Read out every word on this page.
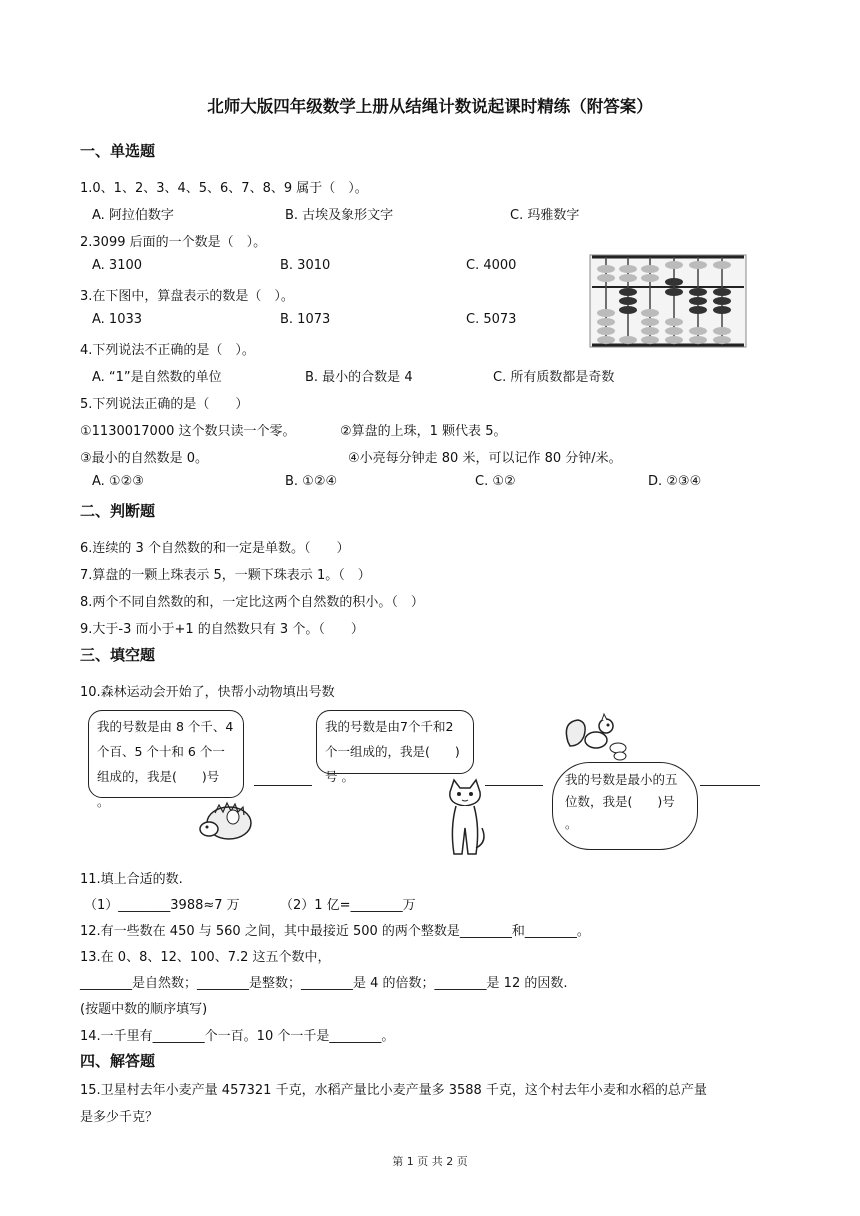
北师大版四年级数学上册从结绳计数说起课时精练（附答案）
一、单选题
1.0、1、2、3、4、5、6、7、8、9 属于（　）。
A. 阿拉伯数字	B. 古埃及象形文字	C. 玛雅数字
2.3099 后面的一个数是（　）。
A. 3100	B. 3010	C. 4000
3.在下图中，算盘表示的数是（　）。
A. 1033	B. 1073	C. 5073
4.下列说法不正确的是（　）。
A. “1”是自然数的单位	B. 最小的合数是 4	C. 所有质数都是奇数
5.下列说法正确的是（　　）
①1130017000 这个数只读一个零。	②算盘的上珠，1 颗代表 5。
③最小的自然数是 0。	④小亮每分钟走 80 米，可以记作 80 分钟/米。
A. ①②③	B. ①②④	C. ①②	D. ②③④
二、判断题
6.连续的 3 个自然数的和一定是单数。（　　）
7.算盘的一颗上珠表示 5，一颗下珠表示 1。（　）
8.两个不同自然数的和，一定比这两个自然数的积小。（　）
9.大于-3 而小于+1 的自然数只有 3 个。（　　）
三、填空题
10.森林运动会开始了，快帮小动物填出号数
我的号数是由 8 个千、4 个百、5 个十和 6 个一组成的，我是(　　)号 。
我的号数是由7个千和2个一组成的，我是(　　)号 。	我的号数是最小的五位数，我是(　　)号 。
11.填上合适的数.
（1）________3988≈7 万	（2）1 亿=________万
12.有一些数在 450 与 560 之间，其中最接近 500 的两个整数是________和________。
13.在 0、8、12、100、7.2 这五个数中，
________是自然数；________是整数；________是 4 的倍数；________是 12 的因数.
(按题中数的顺序填写)
14.一千里有________个一百。10 个一千是________。
四、解答题
15.卫星村去年小麦产量 457321 千克，水稻产量比小麦产量多 3588 千克，这个村去年小麦和水稻的总产量
是多少千克？
第 1 页 共 2 页
